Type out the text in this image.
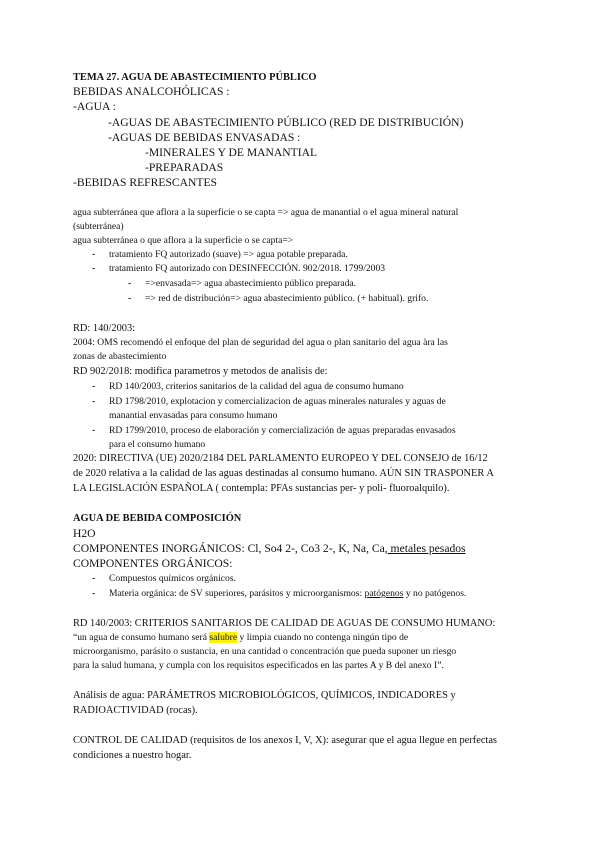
TEMA 27. AGUA DE ABASTECIMIENTO PÚBLICO
BEBIDAS ANALCOHÓLICAS :
-AGUA :
-AGUAS DE ABASTECIMIENTO PÚBLICO (RED DE DISTRIBUCIÓN)
-AGUAS DE BEBIDAS ENVASADAS :
-MINERALES Y DE MANANTIAL
-PREPARADAS
-BEBIDAS REFRESCANTES
agua subterránea que aflora a la superficie o se capta => agua de manantial o el agua mineral natural
(subterránea)
agua subterránea o que aflora a la superficie o se capta=>
- tratamiento FQ autorizado (suave) => agua potable preparada.
- tratamiento FQ autorizado con DESINFECCIÓN. 902/2018. 1799/2003
- =>envasada=> agua abastecimiento público preparada.
- => red de distribución=> agua abastecimiento público. (+ habitual). grifo.
RD: 140/2003:
2004: OMS recomendó el enfoque del plan de seguridad del agua o plan sanitario del agua àra las
zonas de abastecimiento
RD 902/2018: modifica parametros y metodos de analisis de:
- RD 140/2003, criterios sanitarios de la calidad del agua de consumo humano
- RD 1798/2010, explotacion y comercializacion de aguas minerales naturales y aguas de
manantial envasadas para consumo humano
- RD 1799/2010, proceso de elaboración y comercialización de aguas preparadas envasados
para el consumo humano
2020: DIRECTIVA (UE) 2020/2184 DEL PARLAMENTO EUROPEO Y DEL CONSEJO de 16/12
de 2020 relativa a la calidad de las aguas destinadas al consumo humano. AÚN SIN TRASPONER A
LA LEGISLACIÓN ESPAÑOLA ( contempla: PFAs sustancias per- y poli- fluoroalquilo).
AGUA DE BEBIDA COMPOSICIÓN
H2O
COMPONENTES INORGÁNICOS: Cl, So4 2-, Co3 2-, K, Na, Ca, metales pesados
COMPONENTES ORGÁNICOS:
- Compuestos químicos orgánicos.
- Materia orgánica: de SV superiores, parásitos y microorganismos: patógenos y no patógenos.
RD 140/2003: CRITERIOS SANITARIOS DE CALIDAD DE AGUAS DE CONSUMO HUMANO:
“un agua de consumo humano será salubre y limpia cuando no contenga ningún tipo de
microorganismo, parásito o sustancia, en una cantidad o concentración que pueda suponer un riesgo
para la salud humana, y cumpla con los requisitos especificados en las partes A y B del anexo I”.
Análisis de agua: PARÁMETROS MICROBIOLÓGICOS, QUÍMICOS, INDICADORES y
RADIOACTIVIDAD (rocas).
CONTROL DE CALIDAD (requisitos de los anexos I, V, X): asegurar que el agua llegue en perfectas
condiciones a nuestro hogar.
